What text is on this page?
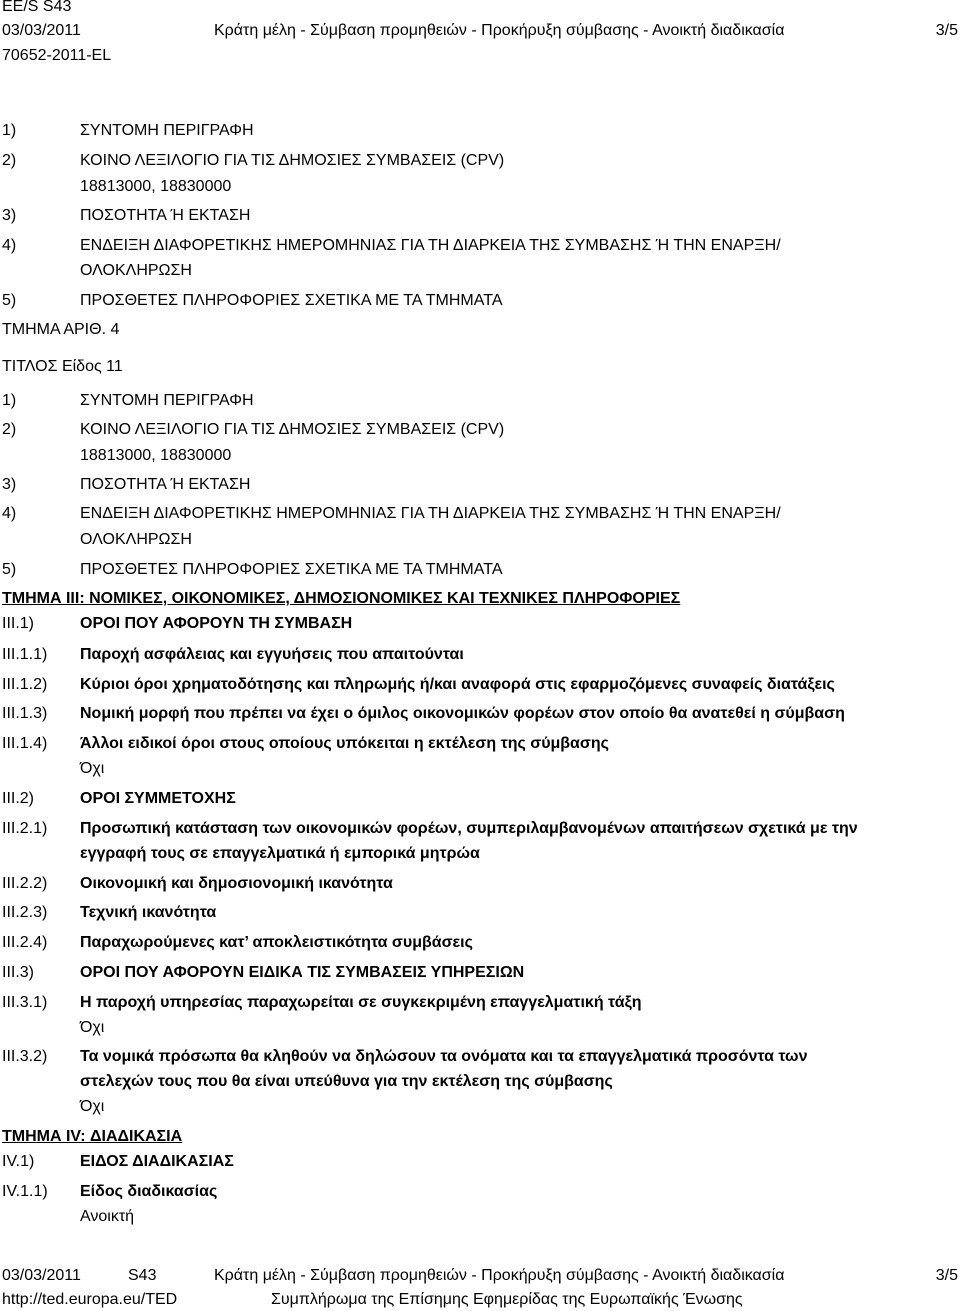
EE/S S43
03/03/2011	Κράτη μέλη - Σύμβαση προμηθειών - Προκήρυξη σύμβασης - Ανοικτή διαδικασία	3/5
70652-2011-EL
1)	ΣΥΝΤΟΜΗ ΠΕΡΙΓΡΑΦΗ
2)	ΚΟΙΝΟ ΛΕΞΙΛΟΓΙΟ ΓΙΑ ΤΙΣ ΔΗΜΟΣΙΕΣ ΣΥΜΒΑΣΕΙΣ (CPV)
18813000, 18830000
3)	ΠΟΣΟΤΗΤΑ Ή ΕΚΤΑΣΗ
4)	ΕΝΔΕΙΞΗ ΔΙΑΦΟΡΕΤΙΚΗΣ ΗΜΕΡΟΜΗΝΙΑΣ ΓΙΑ ΤΗ ΔΙΑΡΚΕΙΑ ΤΗΣ ΣΥΜΒΑΣΗΣ Ή ΤΗΝ ΕΝΑΡΞΗ/
ΟΛΟΚΛΗΡΩΣΗ
5)	ΠΡΟΣΘΕΤΕΣ ΠΛΗΡΟΦΟΡΙΕΣ ΣΧΕΤΙΚΑ ΜΕ ΤΑ ΤΜΗΜΑΤΑ
ΤΜΗΜΑ ΑΡΙΘ. 4
ΤΙΤΛΟΣ Είδος 11
1)	ΣΥΝΤΟΜΗ ΠΕΡΙΓΡΑΦΗ
2)	ΚΟΙΝΟ ΛΕΞΙΛΟΓΙΟ ΓΙΑ ΤΙΣ ΔΗΜΟΣΙΕΣ ΣΥΜΒΑΣΕΙΣ (CPV)
18813000, 18830000
3)	ΠΟΣΟΤΗΤΑ Ή ΕΚΤΑΣΗ
4)	ΕΝΔΕΙΞΗ ΔΙΑΦΟΡΕΤΙΚΗΣ ΗΜΕΡΟΜΗΝΙΑΣ ΓΙΑ ΤΗ ΔΙΑΡΚΕΙΑ ΤΗΣ ΣΥΜΒΑΣΗΣ Ή ΤΗΝ ΕΝΑΡΞΗ/
ΟΛΟΚΛΗΡΩΣΗ
5)	ΠΡΟΣΘΕΤΕΣ ΠΛΗΡΟΦΟΡΙΕΣ ΣΧΕΤΙΚΑ ΜΕ ΤΑ ΤΜΗΜΑΤΑ
ΤΜΗΜΑ III: ΝΟΜΙΚΕΣ, ΟΙΚΟΝΟΜΙΚΕΣ, ΔΗΜΟΣΙΟΝΟΜΙΚΕΣ ΚΑΙ ΤΕΧΝΙΚΕΣ ΠΛΗΡΟΦΟΡΙΕΣ
III.1)	ΟΡΟΙ ΠΟΥ ΑΦΟΡΟΥΝ ΤΗ ΣΥΜΒΑΣΗ
III.1.1) Παροχή ασφάλειας και εγγυήσεις που απαιτούνται
III.1.2) Κύριοι όροι χρηματοδότησης και πληρωμής ή/και αναφορά στις εφαρμοζόμενες συναφείς διατάξεις
III.1.3) Νομική μορφή που πρέπει να έχει ο όμιλος οικονομικών φορέων στον οποίο θα ανατεθεί η σύμβαση
III.1.4) Άλλοι ειδικοί όροι στους οποίους υπόκειται η εκτέλεση της σύμβασης
Όχι
III.2)	ΟΡΟΙ ΣΥΜΜΕΤΟΧΗΣ
III.2.1) Προσωπική κατάσταση των οικονομικών φορέων, συμπεριλαμβανομένων απαιτήσεων σχετικά με την
εγγραφή τους σε επαγγελματικά ή εμπορικά μητρώα
III.2.2) Οικονομική και δημοσιονομική ικανότητα
III.2.3) Τεχνική ικανότητα
III.2.4) Παραχωρούμενες κατ’ αποκλειστικότητα συμβάσεις
III.3)	ΟΡΟΙ ΠΟΥ ΑΦΟΡΟΥΝ ΕΙΔΙΚΑ ΤΙΣ ΣΥΜΒΑΣΕΙΣ ΥΠΗΡΕΣΙΩΝ
III.3.1) Η παροχή υπηρεσίας παραχωρείται σε συγκεκριμένη επαγγελματική τάξη
Όχι
III.3.2) Τα νομικά πρόσωπα θα κληθούν να δηλώσουν τα ονόματα και τα επαγγελματικά προσόντα των
στελεχών τους που θα είναι υπεύθυνα για την εκτέλεση της σύμβασης
Όχι
ΤΜΗΜΑ IV: ΔΙΑΔΙΚΑΣΙΑ
IV.1)	ΕΙΔΟΣ ΔΙΑΔΙΚΑΣΙΑΣ
IV.1.1) Είδος διαδικασίας
Ανοικτή
03/03/2011	S43	Κράτη μέλη - Σύμβαση προμηθειών - Προκήρυξη σύμβασης - Ανοικτή διαδικασία	3/5
http://ted.europa.eu/TED	Συμπλήρωμα της Επίσημης Εφημερίδας της Ευρωπαϊκής Ένωσης
